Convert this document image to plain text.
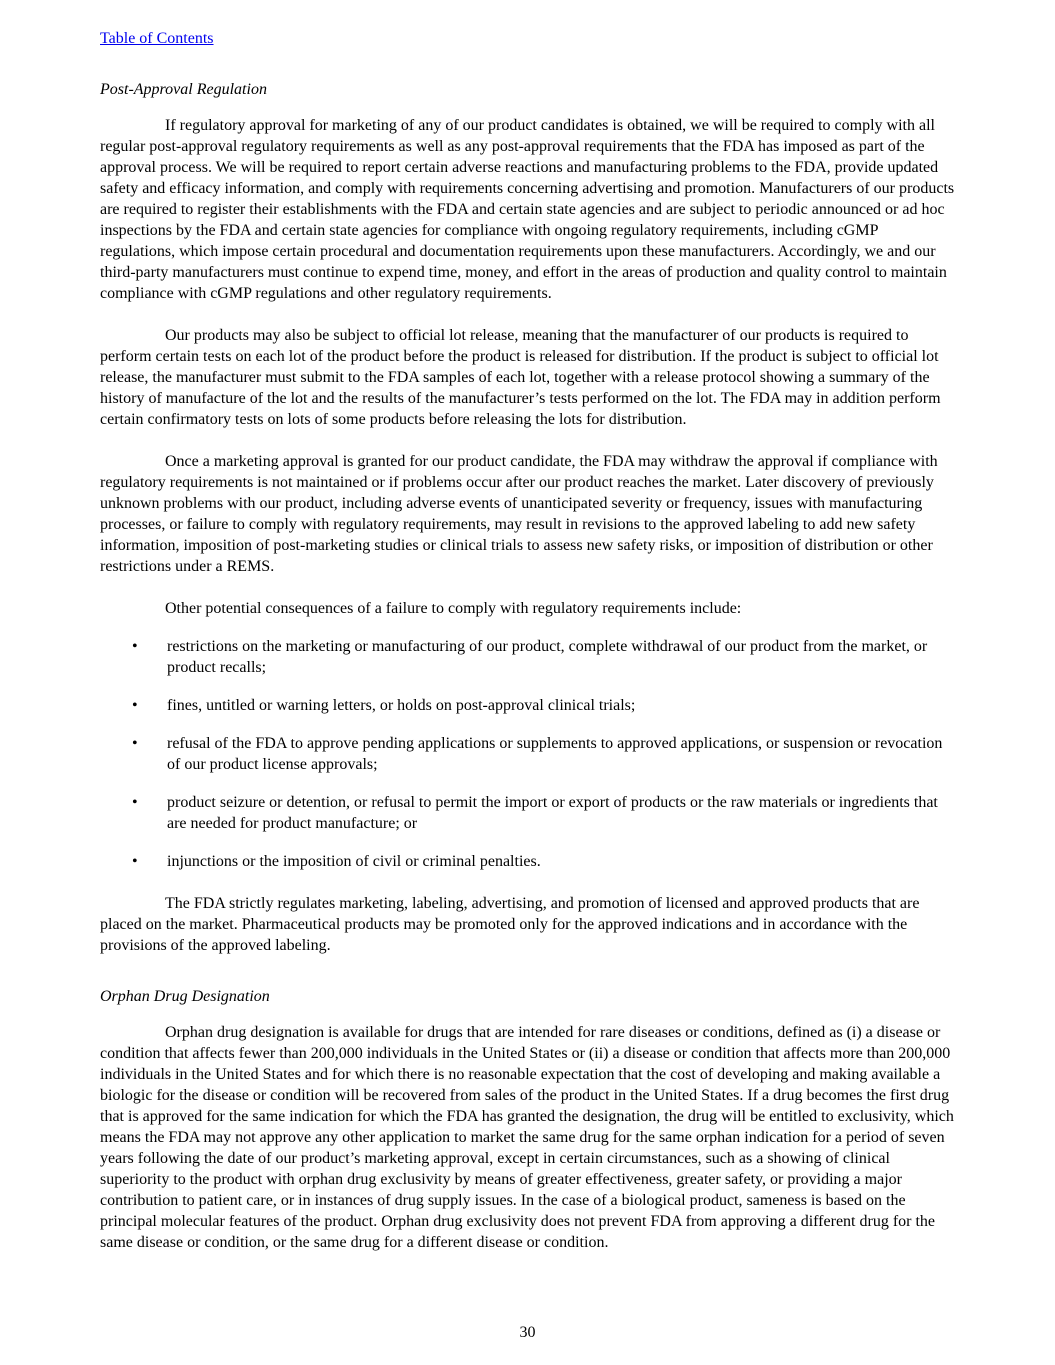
Table of Contents
Post-Approval Regulation

If regulatory approval for marketing of any of our product candidates is obtained, we will be required to comply with all regular post-approval regulatory requirements as well as any post-approval requirements that the FDA has imposed as part of the approval process. We will be required to report certain adverse reactions and manufacturing problems to the FDA, provide updated safety and efficacy information, and comply with requirements concerning advertising and promotion. Manufacturers of our products are required to register their establishments with the FDA and certain state agencies and are subject to periodic announced or ad hoc inspections by the FDA and certain state agencies for compliance with ongoing regulatory requirements, including cGMP regulations, which impose certain procedural and documentation requirements upon these manufacturers. Accordingly, we and our third-party manufacturers must continue to expend time, money, and effort in the areas of production and quality control to maintain compliance with cGMP regulations and other regulatory requirements.

Our products may also be subject to official lot release, meaning that the manufacturer of our products is required to perform certain tests on each lot of the product before the product is released for distribution. If the product is subject to official lot release, the manufacturer must submit to the FDA samples of each lot, together with a release protocol showing a summary of the history of manufacture of the lot and the results of the manufacturer’s tests performed on the lot. The FDA may in addition perform certain confirmatory tests on lots of some products before releasing the lots for distribution.

Once a marketing approval is granted for our product candidate, the FDA may withdraw the approval if compliance with regulatory requirements is not maintained or if problems occur after our product reaches the market. Later discovery of previously unknown problems with our product, including adverse events of unanticipated severity or frequency, issues with manufacturing processes, or failure to comply with regulatory requirements, may result in revisions to the approved labeling to add new safety information, imposition of post-marketing studies or clinical trials to assess new safety risks, or imposition of distribution or other restrictions under a REMS.

Other potential consequences of a failure to comply with regulatory requirements include:

• restrictions on the marketing or manufacturing of our product, complete withdrawal of our product from the market, or product recalls;
• fines, untitled or warning letters, or holds on post-approval clinical trials;
• refusal of the FDA to approve pending applications or supplements to approved applications, or suspension or revocation of our product license approvals;
• product seizure or detention, or refusal to permit the import or export of products or the raw materials or ingredients that are needed for product manufacture; or
• injunctions or the imposition of civil or criminal penalties.

The FDA strictly regulates marketing, labeling, advertising, and promotion of licensed and approved products that are placed on the market. Pharmaceutical products may be promoted only for the approved indications and in accordance with the provisions of the approved labeling.

Orphan Drug Designation

Orphan drug designation is available for drugs that are intended for rare diseases or conditions, defined as (i) a disease or condition that affects fewer than 200,000 individuals in the United States or (ii) a disease or condition that affects more than 200,000 individuals in the United States and for which there is no reasonable expectation that the cost of developing and making available a biologic for the disease or condition will be recovered from sales of the product in the United States. If a drug becomes the first drug that is approved for the same indication for which the FDA has granted the designation, the drug will be entitled to exclusivity, which means the FDA may not approve any other application to market the same drug for the same orphan indication for a period of seven years following the date of our product’s marketing approval, except in certain circumstances, such as a showing of clinical superiority to the product with orphan drug exclusivity by means of greater effectiveness, greater safety, or providing a major contribution to patient care, or in instances of drug supply issues. In the case of a biological product, sameness is based on the principal molecular features of the product. Orphan drug exclusivity does not prevent FDA from approving a different drug for the same disease or condition, or the same drug for a different disease or condition.

30
